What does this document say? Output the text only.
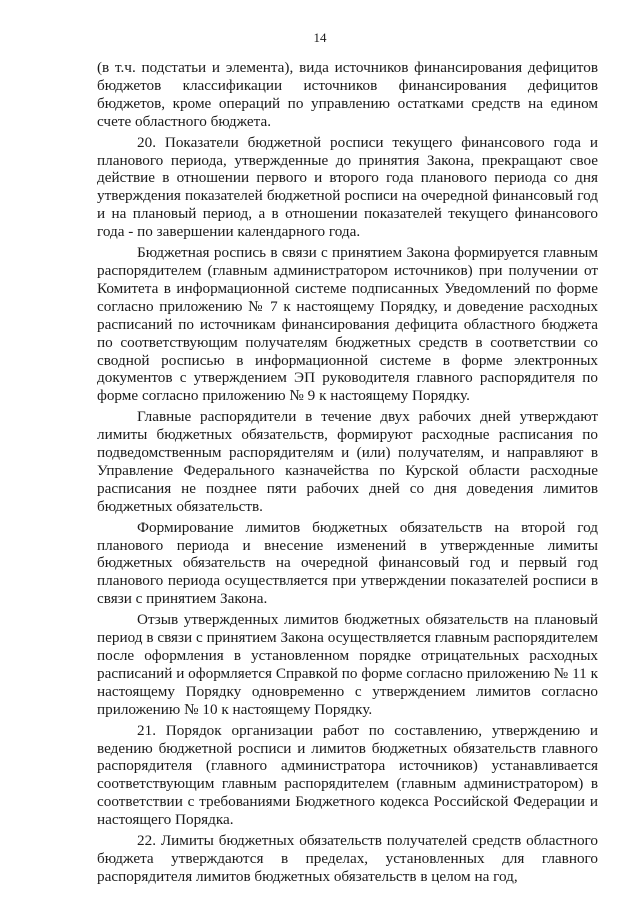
14

(в т.ч. подстатьи и элемента), вида источников финансирования дефицитов бюджетов классификации источников финансирования дефицитов бюджетов, кроме операций по управлению остатками средств на едином счете областного бюджета.

20. Показатели бюджетной росписи текущего финансового года и планового периода, утвержденные до принятия Закона, прекращают свое действие в отношении первого и второго года планового периода со дня утверждения показателей бюджетной росписи на очередной финансовый год и на плановый период, а в отношении показателей текущего финансового года - по завершении календарного года.

Бюджетная роспись в связи с принятием Закона формируется главным распорядителем (главным администратором источников) при получении от Комитета в информационной системе подписанных Уведомлений по форме согласно приложению № 7 к настоящему Порядку, и доведение расходных расписаний по источникам финансирования дефицита областного бюджета по соответствующим получателям бюджетных средств в соответствии со сводной росписью в информационной системе в форме электронных документов с утверждением ЭП руководителя главного распорядителя по форме согласно приложению № 9 к настоящему Порядку.

Главные распорядители в течение двух рабочих дней утверждают лимиты бюджетных обязательств, формируют расходные расписания по подведомственным распорядителям и (или) получателям, и направляют в Управление Федерального казначейства по Курской области расходные расписания не позднее пяти рабочих дней со дня доведения лимитов бюджетных обязательств.

Формирование лимитов бюджетных обязательств на второй год планового периода и внесение изменений в утвержденные лимиты бюджетных обязательств на очередной финансовый год и первый год планового периода осуществляется при утверждении показателей росписи в связи с принятием Закона.

Отзыв утвержденных лимитов бюджетных обязательств на плановый период в связи с принятием Закона осуществляется главным распорядителем после оформления в установленном порядке отрицательных расходных расписаний и оформляется Справкой по форме согласно приложению № 11 к настоящему Порядку одновременно с утверждением лимитов согласно приложению № 10 к настоящему Порядку.

21. Порядок организации работ по составлению, утверждению и ведению бюджетной росписи и лимитов бюджетных обязательств главного распорядителя (главного администратора источников) устанавливается соответствующим главным распорядителем (главным администратором) в соответствии с требованиями Бюджетного кодекса Российской Федерации и настоящего Порядка.

22. Лимиты бюджетных обязательств получателей средств областного бюджета утверждаются в пределах, установленных для главного распорядителя лимитов бюджетных обязательств в целом на год,
